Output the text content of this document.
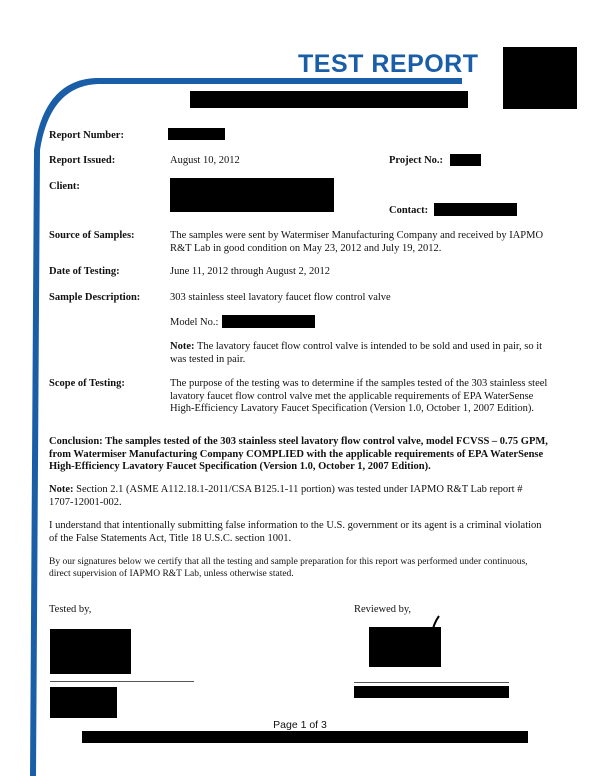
TEST REPORT
Report Number:
Report Issued:	August 10, 2012	Project No.:
Client:
Contact:
Source of Samples:	The samples were sent by Watermiser Manufacturing Company and received by IAPMO R&T Lab in good condition on May 23, 2012 and July 19, 2012.
Date of Testing:	June 11, 2012 through August 2, 2012
Sample Description:	303 stainless steel lavatory faucet flow control valve
Model No.:
Note: The lavatory faucet flow control valve is intended to be sold and used in pair, so it was tested in pair.
Scope of Testing:	The purpose of the testing was to determine if the samples tested of the 303 stainless steel lavatory faucet flow control valve met the applicable requirements of EPA WaterSense High-Efficiency Lavatory Faucet Specification (Version 1.0, October 1, 2007 Edition).
Conclusion: The samples tested of the 303 stainless steel lavatory flow control valve, model FCVSS – 0.75 GPM, from Watermiser Manufacturing Company COMPLIED with the applicable requirements of EPA WaterSense High-Efficiency Lavatory Faucet Specification (Version 1.0, October 1, 2007 Edition).
Note: Section 2.1 (ASME A112.18.1-2011/CSA B125.1-11 portion) was tested under IAPMO R&T Lab report # 1707-12001-002.
I understand that intentionally submitting false information to the U.S. government or its agent is a criminal violation of the False Statements Act, Title 18 U.S.C. section 1001.
By our signatures below we certify that all the testing and sample preparation for this report was performed under continuous, direct supervision of IAPMO R&T Lab, unless otherwise stated.
Tested by,	Reviewed by,
Page 1 of 3
